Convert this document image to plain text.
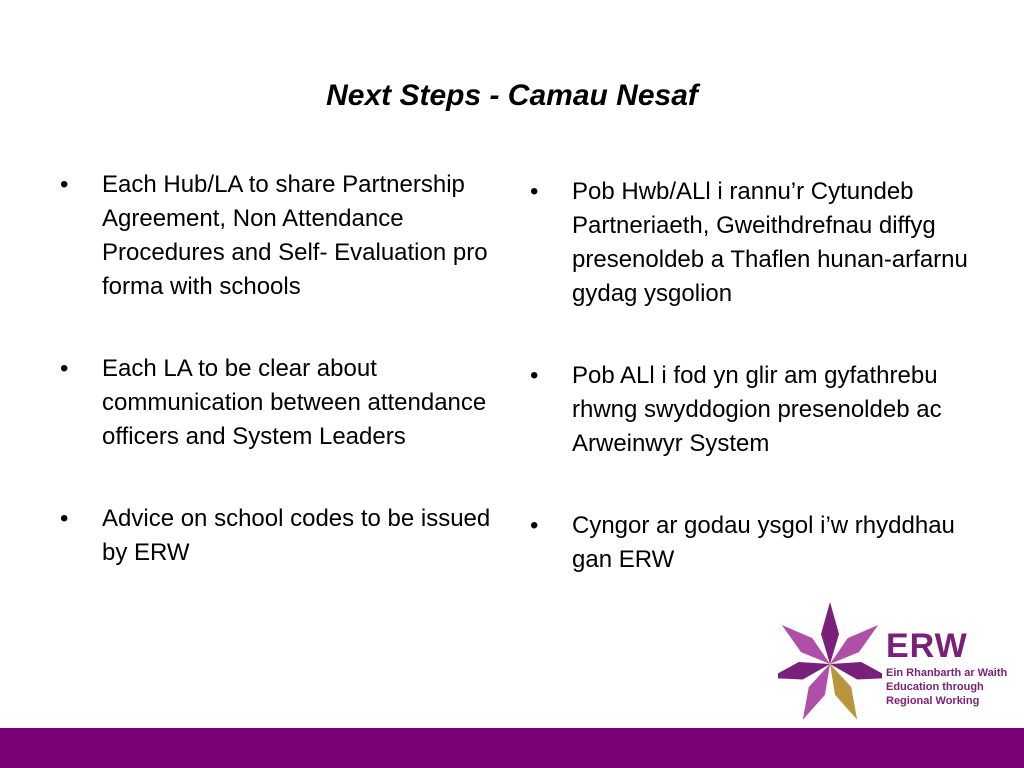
Next Steps - Camau Nesaf
•	Each Hub/LA to share Partnership Agreement, Non Attendance Procedures and Self- Evaluation pro forma with schools
•	Each LA to be clear about communication between attendance officers and System Leaders
•	Advice on school codes to be issued by ERW
•	Pob Hwb/ALl i rannu’r Cytundeb Partneriaeth, Gweithdrefnau diffyg presenoldeb a Thaflen hunan-arfarnu gydag ysgolion
•	Pob ALl i fod yn glir am gyfathrebu rhwng swyddogion presenoldeb ac Arweinwyr System
•	Cyngor ar godau ysgol i’w rhyddhau gan ERW
ERW
Ein Rhanbarth ar Waith
Education through
Regional Working
